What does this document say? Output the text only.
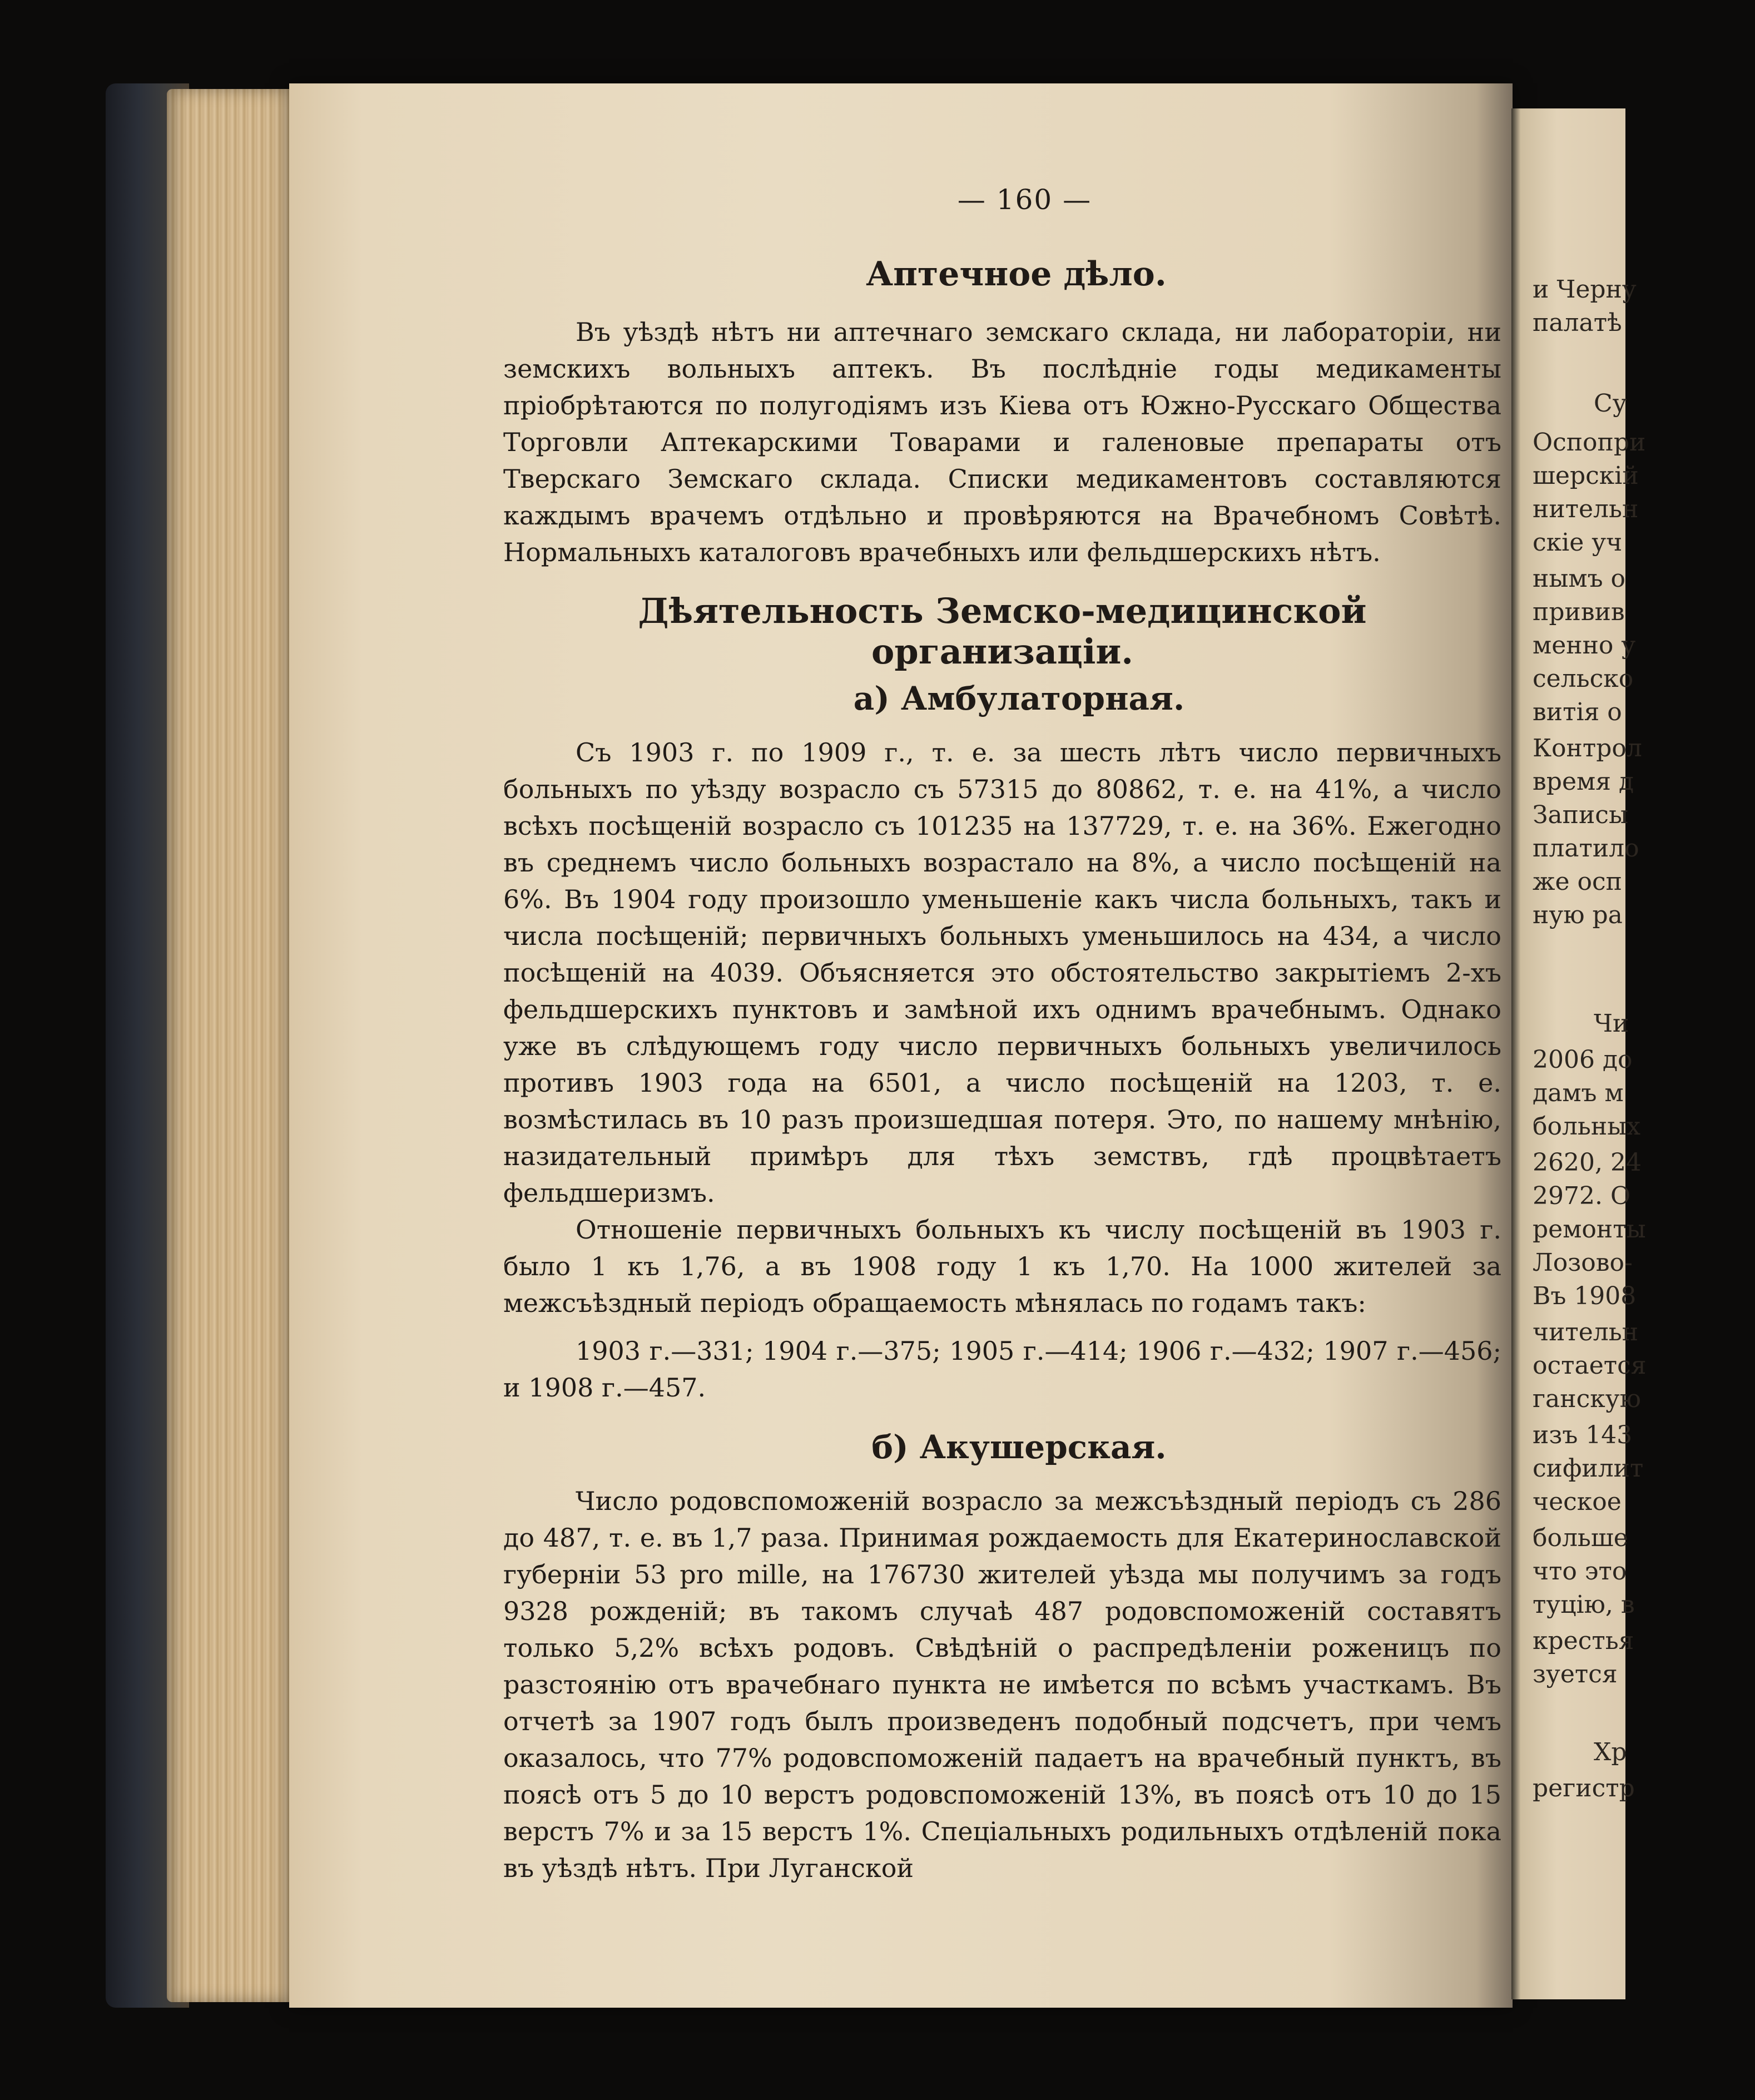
и Черну
палатѣ
Су
Оспопри
шерскій
нительн
скіе уч
нымъ о
привив
менно у
сельско
витія о
Контрол
время д
Записы
платило
же осп
ную ра
Чи
2006 до
дамъ м
больных
2620, 24
2972. О
ремонты
Лозово-
Въ 1908
чительн
остается
ганскую
изъ 143
сифилит
ческое
больше
что это
туцію, в
крестья
зуется
Хр
регистр
— 160 —
Аптечное дѣло.

Въ уѣздѣ нѣтъ ни аптечнаго земскаго склада, ни лабораторіи, ни земскихъ вольныхъ аптекъ. Въ послѣдніе годы медикаменты пріобрѣтаются по полугодіямъ изъ Кіева отъ Южно-Русскаго Общества Торговли Аптекарскими Товарами и галеновые препараты отъ Тверскаго Земскаго склада. Списки медикаментовъ составляются каждымъ врачемъ отдѣльно и провѣряются на Врачебномъ Совѣтѣ. Нормальныхъ каталоговъ врачебныхъ или фельдшерскихъ нѣтъ.

Дѣятельность Земско-медицинской организаціи.
а) Амбулаторная.

Съ 1903 г. по 1909 г., т. е. за шесть лѣтъ число первичныхъ больныхъ по уѣзду возрасло съ 57315 до 80862, т. е. на 41%, а число всѣхъ посѣщеній возрасло съ 101235 на 137729, т. е. на 36%. Ежегодно въ среднемъ число больныхъ возрастало на 8%, а число посѣщеній на 6%. Въ 1904 году произошло уменьшеніе какъ числа больныхъ, такъ и числа посѣщеній; первичныхъ больныхъ уменьшилось на 434, а число посѣщеній на 4039. Объясняется это обстоятельство закрытіемъ 2-хъ фельдшерскихъ пунктовъ и замѣной ихъ однимъ врачебнымъ. Однако уже въ слѣдующемъ году число первичныхъ больныхъ увеличилось противъ 1903 года на 6501, а число посѣщеній на 1203, т. е. возмѣстилась въ 10 разъ произшедшая потеря. Это, по нашему мнѣнію, назидательный примѣръ для тѣхъ земствъ, гдѣ процвѣтаетъ фельдшеризмъ.

Отношеніе первичныхъ больныхъ къ числу посѣщеній въ 1903 г. было 1 къ 1,76, а въ 1908 году 1 къ 1,70. На 1000 жителей за межсъѣздный періодъ обращаемость мѣнялась по годамъ такъ:

1903 г.—331; 1904 г.—375; 1905 г.—414; 1906 г.—432; 1907 г.—456; и 1908 г.—457.

б) Акушерская.

Число родовспоможеній возрасло за межсъѣздный періодъ съ 286 до 487, т. е. въ 1,7 раза. Принимая рождаемость для Екатеринославской губерніи 53 pro mille, на 176730 жителей уѣзда мы получимъ за годъ 9328 рожденій; въ такомъ случаѣ 487 родовспоможеній составятъ только 5,2% всѣхъ родовъ. Свѣдѣній о распредѣленіи роженицъ по разстоянію отъ врачебнаго пункта не имѣется по всѣмъ участкамъ. Въ отчетѣ за 1907 годъ былъ произведенъ подобный подсчетъ, при чемъ оказалось, что 77% родовспоможеній падаетъ на врачебный пунктъ, въ поясѣ отъ 5 до 10 верстъ родовспоможеній 13%, въ поясѣ отъ 10 до 15 верстъ 7% и за 15 верстъ 1%. Спеціальныхъ родильныхъ отдѣленій пока въ уѣздѣ нѣтъ. При Луганской
